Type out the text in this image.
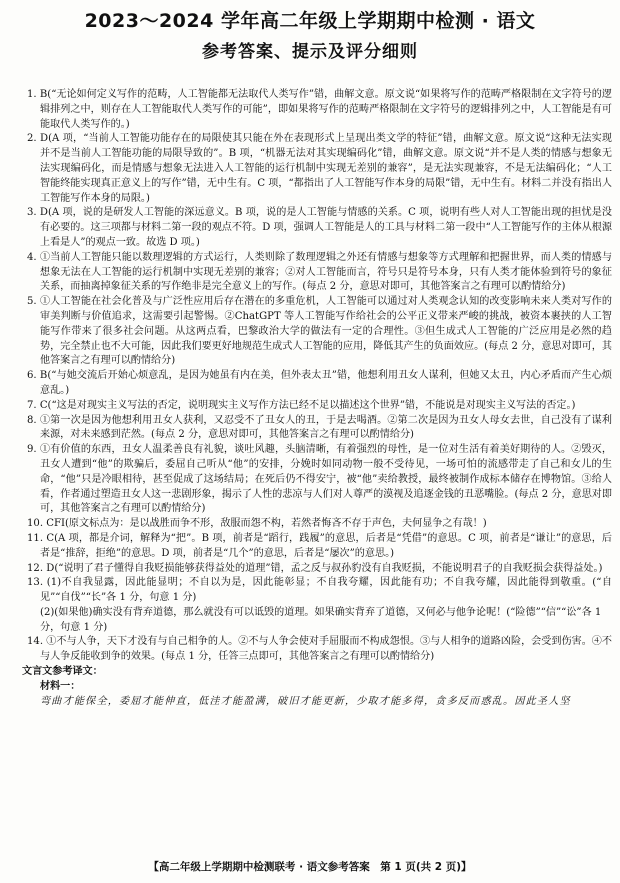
2023～2024 学年高二年级上学期期中检测 · 语文
参考答案、提示及评分细则

1. B(“无论如何定义写作的范畴，人工智能都无法取代人类写作”错，曲解文意。原文说“如果将写作的范畴严格限制在文字符号的逻辑排列之中，则存在人工智能取代人类写作的可能”，即如果将写作的范畴严格限制在文字符号的逻辑排列之中，人工智能是有可能取代人类写作的。)

2. D(A 项，“当前人工智能功能存在的局限使其只能在外在表现形式上呈现出类文学的特征”错，曲解文意。原文说“这种无法实现并不是当前人工智能功能的局限导致的”。B 项，“机器无法对其实现编码化”错，曲解文意。原文说“并不是人类的情感与想象无法实现编码化，而是情感与想象无法进入人工智能的运行机制中实现无差别的兼容”，是无法实现兼容，不是无法编码化；“人工智能终能实现真正意义上的写作”错，无中生有。C 项，“都指出了人工智能写作本身的局限”错，无中生有。材料二并没有指出人工智能写作本身的局限。)

3. D(A 项，说的是研发人工智能的深远意义。B 项，说的是人工智能与情感的关系。C 项，说明有些人对人工智能出现的担忧是没有必要的。这三项都与材料二第一段的观点不符。D 项，强调人工智能是人的工具与材料二第一段中“人工智能写作的主体从根源上看是人”的观点一致。故选 D 项。)

4. ①当前人工智能只能以数理逻辑的方式运行，人类则除了数理逻辑之外还有情感与想象等方式理解和把握世界，而人类的情感与想象无法在人工智能的运行机制中实现无差别的兼容；②对人工智能而言，符号只是符号本身，只有人类才能体验到符号的象征关系，而抽离掉象征关系的写作绝非是完全意义上的写作。(每点 2 分，意思对即可，其他答案言之有理可以酌情给分)

5. ①人工智能在社会化普及与广泛性应用后存在潜在的多重危机，人工智能可以通过对人类观念认知的改变影响未来人类对写作的审美判断与价值追求，这需要引起警惕。②ChatGPT 等人工智能写作给社会的公平正义带来严峻的挑战，被资本裹挟的人工智能写作带来了很多社会问题。从这两点看，巴黎政治大学的做法有一定的合理性。③但生成式人工智能的广泛应用是必然的趋势，完全禁止也不大可能，因此我们要更好地规范生成式人工智能的应用，降低其产生的负面效应。(每点 2 分，意思对即可，其他答案言之有理可以酌情给分)

6. B(“与她交流后开始心烦意乱，是因为她虽有内在美，但外表太丑”错，他想利用丑女人谋利，但她又太丑，内心矛盾而产生心烦意乱。)

7. C(“这是对现实主义写法的否定，说明现实主义写作方法已经不足以描述这个世界”错，不能说是对现实主义写法的否定。)

8. ①第一次是因为他想利用丑女人获利，又忍受不了丑女人的丑，于是去喝酒。②第二次是因为丑女人母女去世，自己没有了谋利来源，对未来感到茫然。(每点 2 分，意思对即可，其他答案言之有理可以酌情给分)

9. ①有价值的东西，丑女人温柔善良有礼貌，谈吐风趣，头脑清晰，有着强烈的母性，是一位对生活有着美好期待的人。②毁灭，丑女人遭到“他”的欺骗后，委屈自己听从“他”的安排，分娩时如同动物一般不受待见，一场可怕的流感带走了自己和女儿的生命，“他”只是冷眼相待，甚至促成了这场结局；在死后仍不得安宁，被“他”卖给教授，最终被制作成标本储存在博物馆。③给人看，作者通过塑造丑女人这一悲剧形象，揭示了人性的悲凉与人们对人尊严的漠视及追逐金钱的丑恶嘴脸。(每点 2 分，意思对即可，其他答案言之有理可以酌情给分)

10. CFI(原文标点为：是以战胜而争不形，敌服而怨不构，若然者悔吝不存于声色，夫何显争之有哉！)

11. C(A 项，都是介词，解释为“把”。B 项，前者是“蹈行，践履”的意思，后者是“凭借”的意思。C 项，前者是“谦让”的意思，后者是“推辞，拒绝”的意思。D 项，前者是“几个”的意思，后者是“屡次”的意思。)

12. D(“说明了君子懂得自我贬损能够获得益处的道理”错，孟之反与叔孙豹没有自我贬损，不能说明君子的自我贬损会获得益处。)

13. (1)不自我显露，因此能显明；不自以为是，因此能彰显；不自我夸耀，因此能有功；不自我夸耀，因此能得到敬重。(“自见”“自伐”“长”各 1 分，句意 1 分)

(2)(如果他)确实没有背弃道德，那么就没有可以诋毁的道理。如果确实背弃了道德，又何必与他争论呢！(“险德”“信”“讼”各 1 分，句意 1 分)

14. ①不与人争，天下才没有与自己相争的人。②不与人争会使对手屈服而不构成怨恨。③与人相争的道路凶险，会受到伤害。④不与人争反能收到争的效果。(每点 1 分，任答三点即可，其他答案言之有理可以酌情给分)

文言文参考译文：

材料一：

弯曲才能保全，委屈才能伸直，低洼才能盈满，破旧才能更新，少取才能多得，贪多反而惑乱。因此圣人坚

【高二年级上学期期中检测联考 · 语文参考答案　第 1 页(共 2 页)】
